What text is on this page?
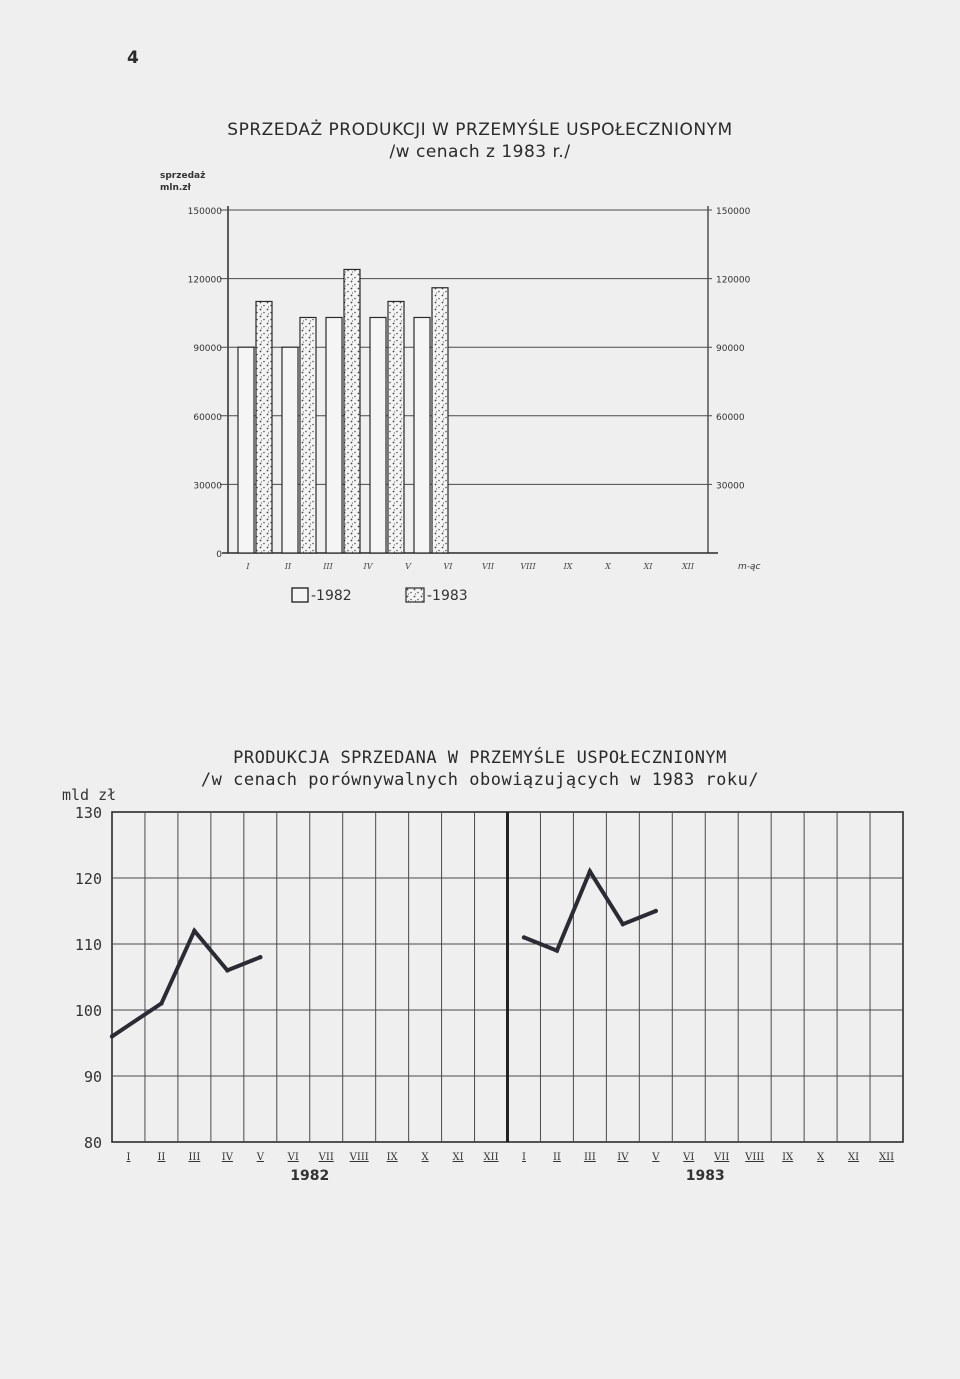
4
SPRZEDAŻ PRODUKCJI W PRZEMYŚLE USPOŁECZNIONYM
/w cenach z 1983 r./
PRODUKCJA SPRZEDANA W PRZEMYŚLE USPOŁECZNIONYM
/w cenach porównywalnych obowiązujących w 1983 roku/
sprzedaż
mln.zł
0
30000	30000
60000	60000
90000	90000
120000	120000
150000	150000
I	II	III	IV	V	VI	VII	VIII	IX	X	XI	XII	m-ąc
-1982	-1983
mld zł
80
90
100
110
120
130
I	II III IV V VI VII VIII IX X XI XII I	II III IV V VI VII VIII IX X XI XII
1982	1983
